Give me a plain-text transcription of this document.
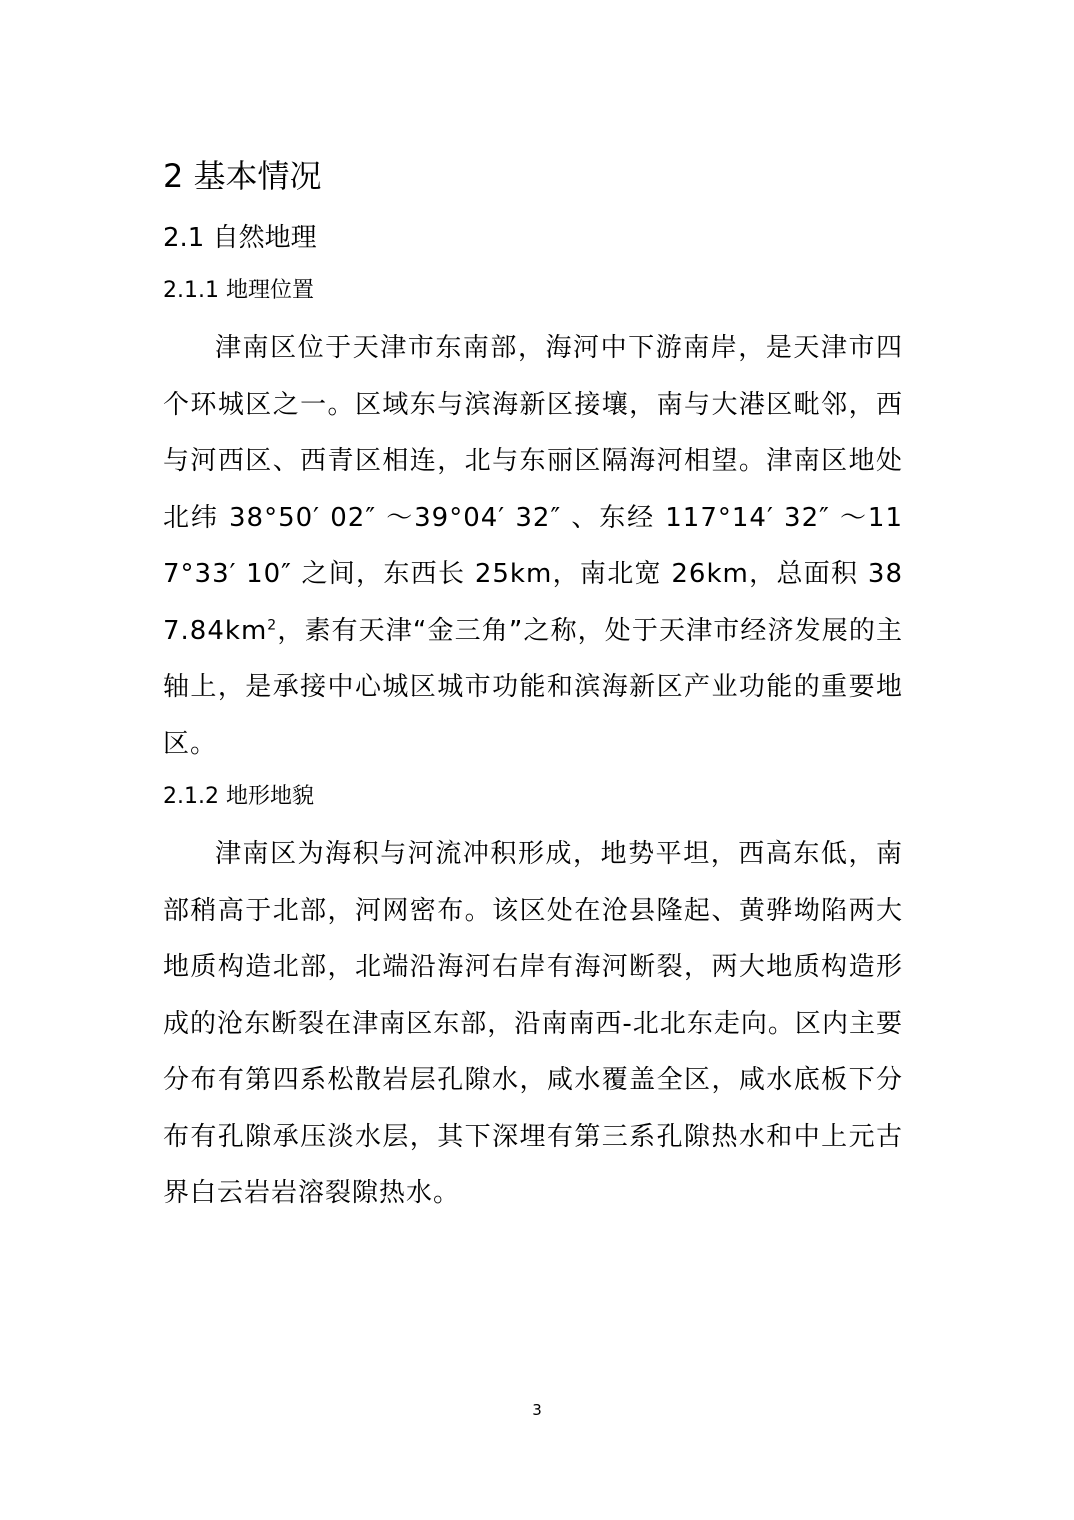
2 基本情况
2.1 自然地理
2.1.1 地理位置

津南区位于天津市东南部，海河中下游南岸，是天津市四个环城区之一。区域东与滨海新区接壤，南与大港区毗邻，西与河西区、西青区相连，北与东丽区隔海河相望。津南区地处北纬 38°50′ 02″ ～39°04′ 32″ 、东经 117°14′ 32″ ～117°33′ 10″ 之间，东西长 25km，南北宽 26km，总面积 $387.84km^2$，素有天津“金三角”之称，处于天津市经济发展的主轴上，是承接中心城区城市功能和滨海新区产业功能的重要地区。

2.1.2 地形地貌

津南区为海积与河流冲积形成，地势平坦，西高东低，南部稍高于北部，河网密布。该区处在沧县隆起、黄骅坳陷两大地质构造北部，北端沿海河右岸有海河断裂，两大地质构造形成的沧东断裂在津南区东部，沿南南西-北北东走向。区内主要分布有第四系松散岩层孔隙水，咸水覆盖全区，咸水底板下分布有孔隙承压淡水层，其下深埋有第三系孔隙热水和中上元古界白云岩岩溶裂隙热水。

3
